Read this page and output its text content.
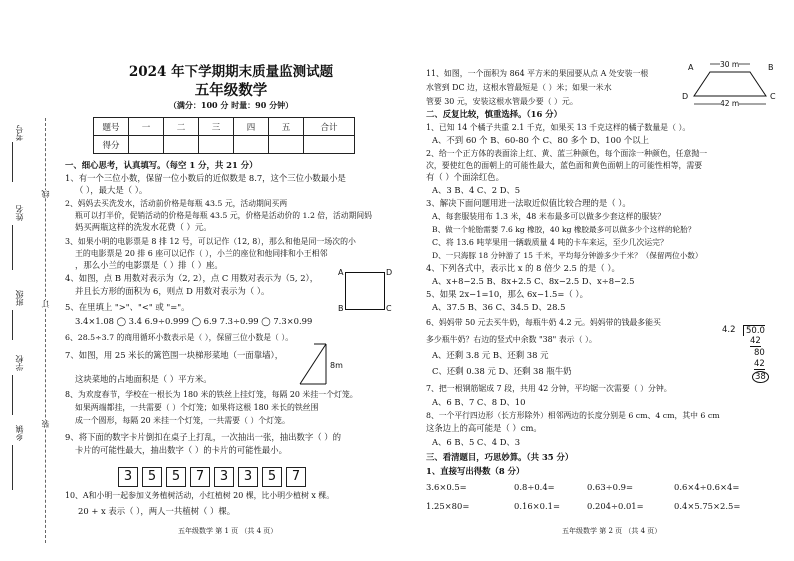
考号
姓名
班级
学校
乡镇
线
订
装
2024 年下学期期末质量监测试题
五年级数学
（满分：100 分 时量：90 分钟）
题号	一	二	三	四	五	合计
得分						
一、细心思考，认真填写。（每空 1 分，共 21 分）
1、有一个三位小数，保留一位小数后的近似数是 8.7，这个三位小数最小是
（ ），最大是（ ）。
2、妈妈去买洗发水，活动前价格是每瓶 43.5 元，活动期间买两
瓶可以打半价，促销活动的价格是每瓶 43.5 元，价格是活动价的 1.2 倍，活动期间妈
妈买两瓶这样的洗发水花费（ ）元。
3、如果小明的电影票是 8 排 12 号，可以记作（12, 8），那么和他是同一场次的小
王的电影票是 20 排 6 座可以记作（ ），小兰的座位和他同排和小王相邻
，那么小兰的电影票是（ ）排（ ）座。
4、如图，点 B 用数对表示为（2, 2），点 C 用数对表示为（5, 2），
并且长方形的面积为 6，则点 D 用数对表示为（ ）。
A
B	C
D
5、在里填上 ">"、"<" 或 "="。
3.4×1.08 ◯ 3.4 6.9÷0.999 ◯ 6.9 7.3÷0.99 ◯ 7.3×0.99
6、28.5÷3.7 的商用循环小数表示是（ ），保留三位小数是（ ）。
7、如图，用 25 米长的篱笆围一块梯形菜地（一面靠墙），
8m
这块菜地的占地面积是（ ）平方米。
8、为欢度春节，学校在一根长为 180 米的铁丝上挂灯笼，每隔 20 米挂一个灯笼。
如果两端都挂，一共需要（ ）个灯笼；如果将这根 180 米长的铁丝围
成一个圆形，每隔 20 米挂一个灯笼，一共需要（ ）个灯笼。
9、将下面的数字卡片倒扣在桌子上打乱，一次抽出一张，抽出数字（ ）的
卡片的可能性最大，抽出数字（ ）的卡片的可能性最小。
3 5 5 7 3 3 5 7
10、A和小明一起参加义务植树活动，小红植树 20 棵，比小明少植树 x 棵。
20 + x 表示（ ），两人一共植树（ ）棵。
五年级数学 第 1 页 （共 4 页）
11、如图，一个面积为 864 平方米的果园要从点 A 处安装一根
水管到 DC 边，这根水管最短是（ ）米；如果一米水
管要 30 元，安装这根水管最少要（ ）元。
30 m
42 m
A	B
C
D
二、反复比较，慎重选择。（16 分）
1、已知 14 个橘子共重 2.1 千克，如果买 13 千克这样的橘子数量是（ ）。
A、不到 60 个 B、60-80 个 C、80 多个 D、100 个以上
2、给一个正方体的表面涂上红、黄、蓝三种颜色，每个面涂一种颜色，任意抛一
次，要使红色的面朝上的可能性最大，蓝色面和黄色面朝上的可能性相等，需要
有（ ）个面涂红色。
A、3 B、4 C、2 D、5
3、解决下面问题用进一法取近似值比较合理的是（ ）。
A、每套服装用布 1.3 米，48 米布最多可以做多少套这样的服装？
B、做一个轮胎需要 7.6 kg 橡胶，40 kg 橡胶最多可以做多少个这样的轮胎？
C、将 13.6 吨苹果用一辆载质量 4 吨的卡车来运，至少几次运完？
D、一只海豚 18 分钟游了 15 千米，平均每分钟游多少千米？（保留两位小数）
4、下列各式中，表示比 x 的 8 倍少 2.5 的是（ ）。
A、x+8−2.5 B、8x+2.5 C、8x−2.5 D、x÷8−2.5
5、如果 2x−1=10，那么 6x−1.5=（ ）。
A、37.5 B、36 C、34.5 D、28.5
6、妈妈带 50 元去买牛奶，每瓶牛奶 4.2 元。妈妈带的钱最多能买
多少瓶牛奶？右边的竖式中余数 "38" 表示（ ）。
A、还剩 3.8 元 B、还剩 38 元
C、还剩 0.38 元 D、还剩 38 瓶牛奶
4.2	50.0
42
80
42
38
7、把一根钢筋锯成 7 段，共用 42 分钟，平均锯一次需要（ ）分钟。
A、6 B、7 C、8 D、10
8、一个平行四边形（长方形除外）相邻两边的长度分别是 6 cm、4 cm，其中 6 cm
这条边上的高可能是（ ）cm。
A、6 B、5 C、4 D、3
三、看清题目，巧思妙算。（共 35 分）
1、直接写出得数（8 分）
3.6×0.5=	0.8÷0.4=	0.63÷0.9=	0.6×4÷0.6×4=
1.25×80=	0.16×0.1=	0.204÷0.01=	0.4×5.75×2.5=
五年级数学 第 2 页 （共 4 页）
